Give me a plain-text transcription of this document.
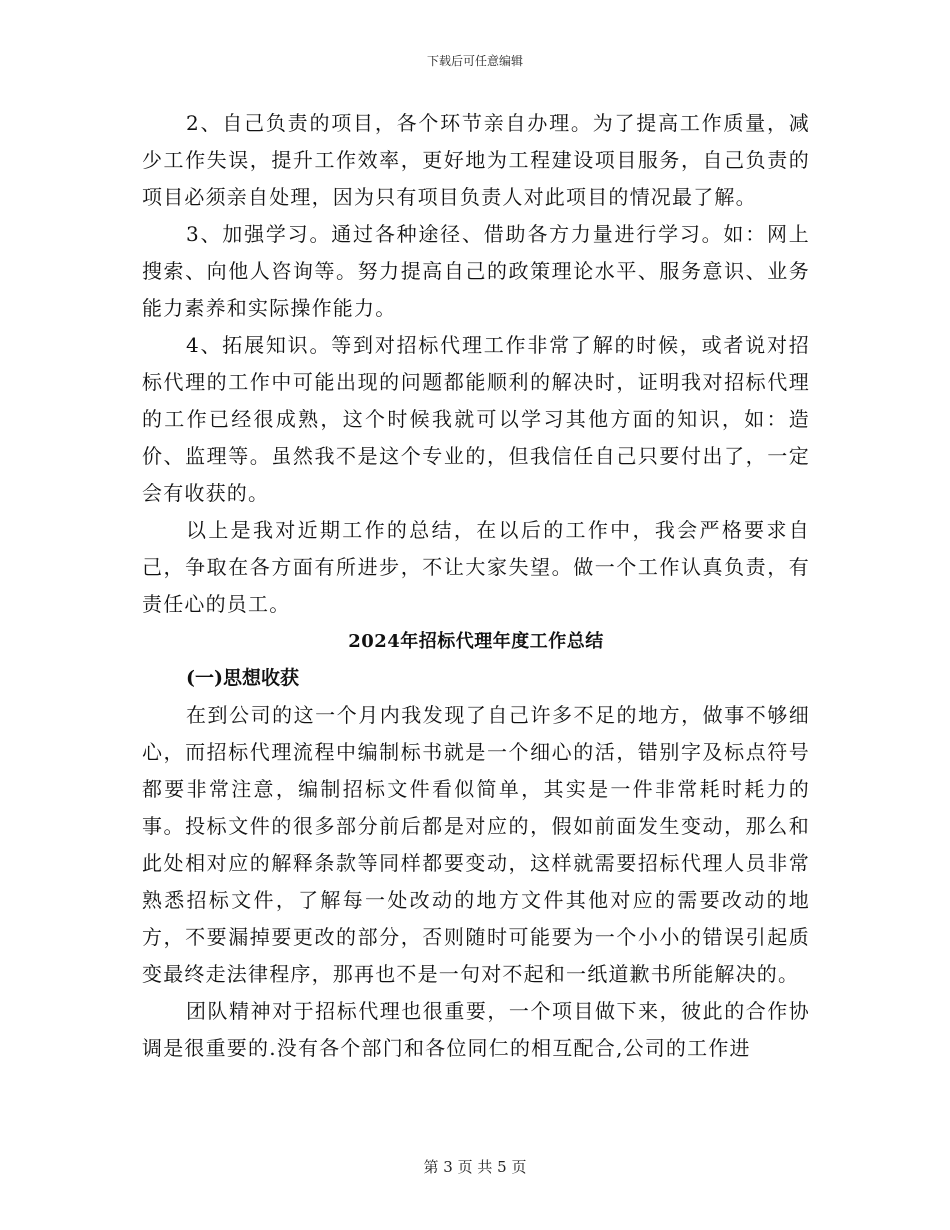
下载后可任意编辑

2、自己负责的项目，各个环节亲自办理。为了提高工作质量，减少工作失误，提升工作效率，更好地为工程建设项目服务，自己负责的项目必须亲自处理，因为只有项目负责人对此项目的情况最了解。

3、加强学习。通过各种途径、借助各方力量进行学习。如：网上搜索、向他人咨询等。努力提高自己的政策理论水平、服务意识、业务能力素养和实际操作能力。

4、拓展知识。等到对招标代理工作非常了解的时候，或者说对招标代理的工作中可能出现的问题都能顺利的解决时，证明我对招标代理的工作已经很成熟，这个时候我就可以学习其他方面的知识，如：造价、监理等。虽然我不是这个专业的，但我信任自己只要付出了，一定会有收获的。

以上是我对近期工作的总结，在以后的工作中，我会严格要求自己，争取在各方面有所进步，不让大家失望。做一个工作认真负责，有责任心的员工。

2024年招标代理年度工作总结

(一)思想收获

在到公司的这一个月内我发现了自己许多不足的地方，做事不够细心，而招标代理流程中编制标书就是一个细心的活，错别字及标点符号都要非常注意，编制招标文件看似简单，其实是一件非常耗时耗力的事。投标文件的很多部分前后都是对应的，假如前面发生变动，那么和此处相对应的解释条款等同样都要变动，这样就需要招标代理人员非常熟悉招标文件，了解每一处改动的地方文件其他对应的需要改动的地方，不要漏掉要更改的部分，否则随时可能要为一个小小的错误引起质变最终走法律程序，那再也不是一句对不起和一纸道歉书所能解决的。

团队精神对于招标代理也很重要，一个项目做下来，彼此的合作协调是很重要的.没有各个部门和各位同仁的相互配合,公司的工作进

第 3 页 共 5 页
